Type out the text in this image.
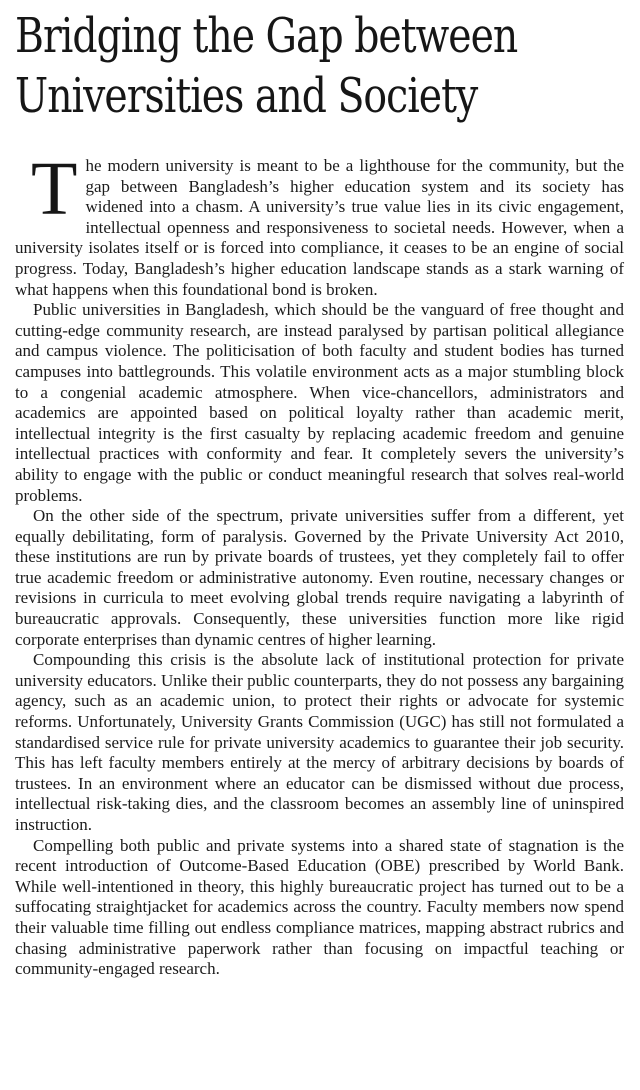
Bridging the Gap between
Universities and Society

The modern university is meant to be a lighthouse for the community, but the gap between Bangladesh’s higher education system and its society has widened into a chasm. A university’s true value lies in its civic engagement, intellectual openness and responsiveness to societal needs. However, when a university isolates itself or is forced into compliance, it ceases to be an engine of social progress. Today, Bangladesh’s higher education landscape stands as a stark warning of what happens when this foundational bond is broken.

Public universities in Bangladesh, which should be the vanguard of free thought and cutting-edge community research, are instead paralysed by partisan political allegiance and campus violence. The politicisation of both faculty and student bodies has turned campuses into battlegrounds. This volatile environment acts as a major stumbling block to a congenial academic atmosphere. When vice-chancellors, administrators and academics are appointed based on political loyalty rather than academic merit, intellectual integrity is the first casualty by replacing academic freedom and genuine intellectual practices with conformity and fear. It completely severs the university’s ability to engage with the public or conduct meaningful research that solves real-world problems.

On the other side of the spectrum, private universities suffer from a different, yet equally debilitating, form of paralysis. Governed by the Private University Act 2010, these institutions are run by private boards of trustees, yet they completely fail to offer true academic freedom or administrative autonomy. Even routine, necessary changes or revisions in curricula to meet evolving global trends require navigating a labyrinth of bureaucratic approvals. Consequently, these universities function more like rigid corporate enterprises than dynamic centres of higher learning.

Compounding this crisis is the absolute lack of institutional protection for private university educators. Unlike their public counterparts, they do not possess any bargaining agency, such as an academic union, to protect their rights or advocate for systemic reforms. Unfortunately, University Grants Commission (UGC) has still not formulated a standardised service rule for private university academics to guarantee their job security. This has left faculty members entirely at the mercy of arbitrary decisions by boards of trustees. In an environment where an educator can be dismissed without due process, intellectual risk-taking dies, and the classroom becomes an assembly line of uninspired instruction.

Compelling both public and private systems into a shared state of stagnation is the recent introduction of Outcome-Based Education (OBE) prescribed by World Bank. While well-intentioned in theory, this highly bureaucratic project has turned out to be a suffocating straightjacket for academics across the country. Faculty members now spend their valuable time filling out endless compliance matrices, mapping abstract rubrics and chasing administrative paperwork rather than focusing on impactful teaching or community-engaged research.
